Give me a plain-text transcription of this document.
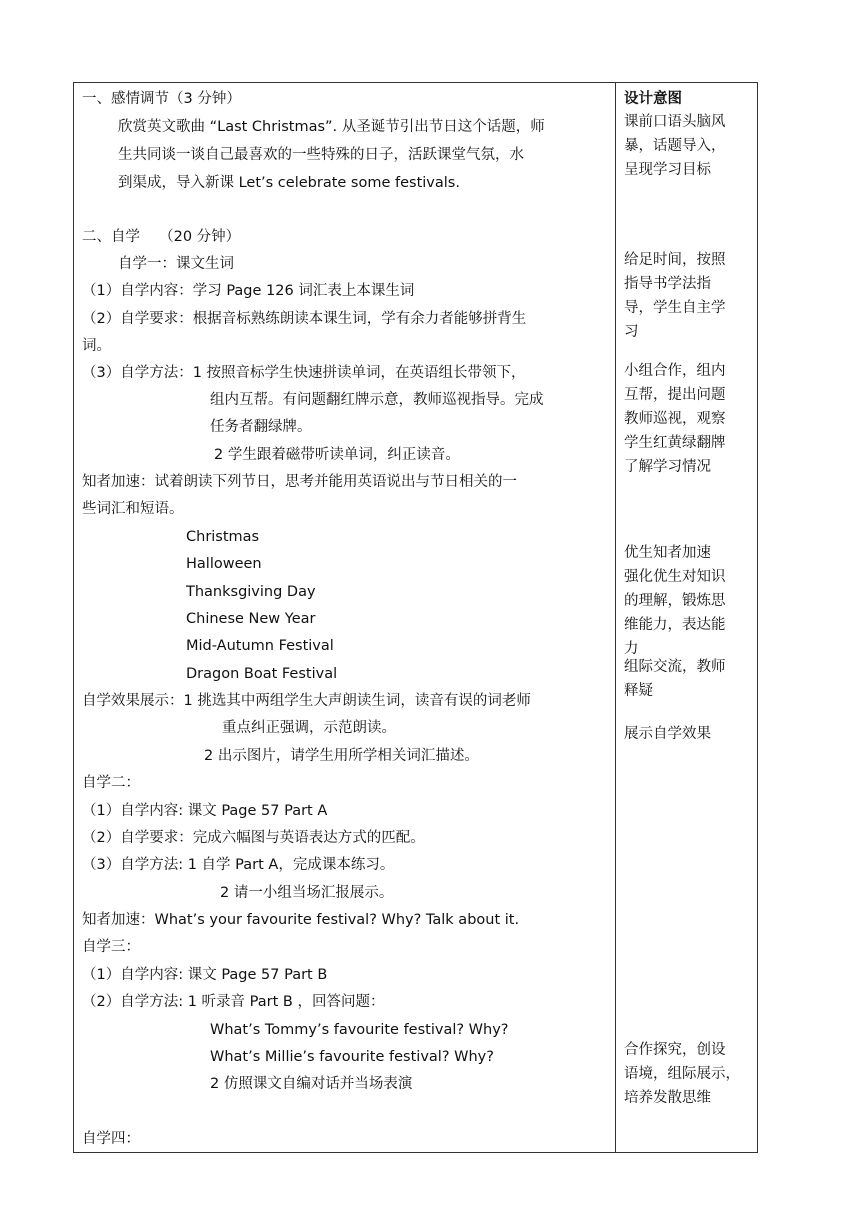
一、感情调节（3 分钟）
欣赏英文歌曲 “Last Christmas”. 从圣诞节引出节日这个话题，师
生共同谈一谈自己最喜欢的一些特殊的日子，活跃课堂气氛，水
到渠成，导入新课 Let’s celebrate some festivals.
二、自学　 （20 分钟）
自学一：课文生词
（1）自学内容：学习 Page 126 词汇表上本课生词
（2）自学要求：根据音标熟练朗读本课生词，学有余力者能够拼背生
词。
（3）自学方法：1 按照音标学生快速拼读单词，在英语组长带领下，
组内互帮。有问题翻红牌示意，教师巡视指导。完成
任务者翻绿牌。
2 学生跟着磁带听读单词，纠正读音。
知者加速：试着朗读下列节日，思考并能用英语说出与节日相关的一
些词汇和短语。
Christmas
Halloween
Thanksgiving Day
Chinese New Year
Mid-Autumn Festival
Dragon Boat Festival
自学效果展示：1 挑选其中两组学生大声朗读生词，读音有误的词老师
重点纠正强调，示范朗读。
2 出示图片，请学生用所学相关词汇描述。
自学二：
（1）自学内容: 课文 Page 57 Part A
（2）自学要求：完成六幅图与英语表达方式的匹配。
（3）自学方法: 1 自学 Part A，完成课本练习。
2 请一小组当场汇报展示。
知者加速：What’s your favourite festival? Why? Talk about it.
自学三：
（1）自学内容: 课文 Page 57 Part B
（2）自学方法: 1 听录音 Part B ，回答问题：
What’s Tommy’s favourite festival? Why?
What’s Millie’s favourite festival? Why?
2 仿照课文自编对话并当场表演
自学四：
设计意图
课前口语头脑风
暴，话题导入，
呈现学习目标
给足时间，按照
指导书学法指
导，学生自主学
习
小组合作，组内
互帮，提出问题
教师巡视，观察
学生红黄绿翻牌
了解学习情况
优生知者加速
强化优生对知识
的理解，锻炼思
维能力，表达能
力
组际交流，教师
释疑
展示自学效果
合作探究，创设
语境，组际展示，
培养发散思维
